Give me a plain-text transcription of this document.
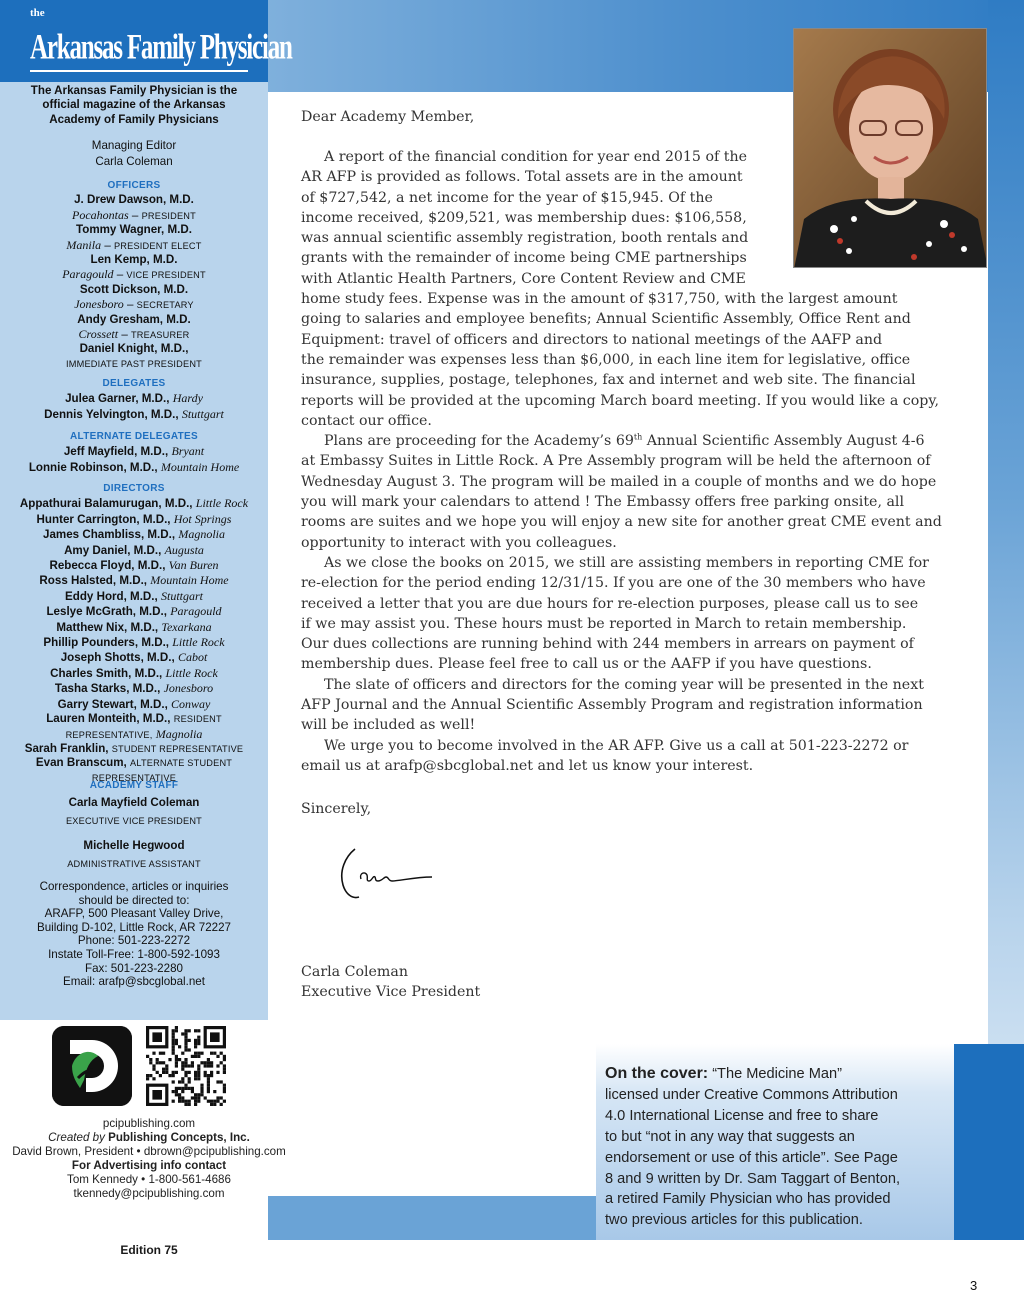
the
Arkansas Family Physician
The Arkansas Family Physician is the
official magazine of the Arkansas
Academy of Family Physicians
Managing Editor
Carla Coleman
OFFICERS
J. Drew Dawson, M.D.
Pocahontas – PRESIDENT
Tommy Wagner, M.D.
Manila – PRESIDENT ELECT
Len Kemp, M.D.
Paragould – VICE PRESIDENT
Scott Dickson, M.D.
Jonesboro – SECRETARY
Andy Gresham, M.D.
Crossett – TREASURER
Daniel Knight, M.D.,
IMMEDIATE PAST PRESIDENT
DELEGATES
Julea Garner, M.D., Hardy
Dennis Yelvington, M.D., Stuttgart
ALTERNATE DELEGATES
Jeff Mayfield, M.D., Bryant
Lonnie Robinson, M.D., Mountain Home
DIRECTORS
Appathurai Balamurugan, M.D., Little Rock
Hunter Carrington, M.D., Hot Springs
James Chambliss, M.D., Magnolia
Amy Daniel, M.D., Augusta
Rebecca Floyd, M.D., Van Buren
Ross Halsted, M.D., Mountain Home
Eddy Hord, M.D., Stuttgart
Leslye McGrath, M.D., Paragould
Matthew Nix, M.D., Texarkana
Phillip Pounders, M.D., Little Rock
Joseph Shotts, M.D., Cabot
Charles Smith, M.D., Little Rock
Tasha Starks, M.D., Jonesboro
Garry Stewart, M.D., Conway
Lauren Monteith, M.D., RESIDENT
REPRESENTATIVE, Magnolia
Sarah Franklin, STUDENT REPRESENTATIVE
Evan Branscum, ALTERNATE STUDENT
REPRESENTATIVE
ACADEMY STAFF
Carla Mayfield Coleman
EXECUTIVE VICE PRESIDENT
Michelle Hegwood
ADMINISTRATIVE ASSISTANT
Correspondence, articles or inquiries
should be directed to:
ARAFP, 500 Pleasant Valley Drive,
Building D-102, Little Rock, AR 72227
Phone: 501-223-2272
Instate Toll-Free: 1-800-592-1093
Fax: 501-223-2280
Email: arafp@sbcglobal.net
pcipublishing.com
Created by Publishing Concepts, Inc.
David Brown, President • dbrown@pcipublishing.com
For Advertising info contact
Tom Kennedy • 1-800-561-4686
tkennedy@pcipublishing.com
Edition 75
Dear Academy Member,
A report of the financial condition for year end 2015 of the
AR AFP is provided as follows. Total assets are in the amount
of $727,542, a net income for the year of $15,945. Of the
income received, $209,521, was membership dues: $106,558,
was annual scientific assembly registration, booth rentals and
grants with the remainder of income being CME partnerships
with Atlantic Health Partners, Core Content Review and CME
home study fees. Expense was in the amount of $317,750, with the largest amount
going to salaries and employee benefits; Annual Scientific Assembly, Office Rent and
Equipment: travel of officers and directors to national meetings of the AAFP and
the remainder was expenses less than $6,000, in each line item for legislative, office
insurance, supplies, postage, telephones, fax and internet and web site. The financial
reports will be provided at the upcoming March board meeting. If you would like a copy,
contact our office.
Plans are proceeding for the Academy’s 69th Annual Scientific Assembly August 4-6
at Embassy Suites in Little Rock. A Pre Assembly program will be held the afternoon of
Wednesday August 3. The program will be mailed in a couple of months and we do hope
you will mark your calendars to attend ! The Embassy offers free parking onsite, all
rooms are suites and we hope you will enjoy a new site for another great CME event and
opportunity to interact with you colleagues.
As we close the books on 2015, we still are assisting members in reporting CME for
re-election for the period ending 12/31/15. If you are one of the 30 members who have
received a letter that you are due hours for re-election purposes, please call us to see
if we may assist you. These hours must be reported in March to retain membership.
Our dues collections are running behind with 244 members in arrears on payment of
membership dues. Please feel free to call us or the AAFP if you have questions.
The slate of officers and directors for the coming year will be presented in the next
AFP Journal and the Annual Scientific Assembly Program and registration information
will be included as well!
We urge you to become involved in the AR AFP. Give us a call at 501-223-2272 or
email us at arafp@sbcglobal.net and let us know your interest.
Sincerely,
Carla Coleman
Executive Vice President
On the cover: “The Medicine Man”
licensed under Creative Commons Attribution
4.0 International License and free to share
to but “not in any way that suggests an
endorsement or use of this article”. See Page
8 and 9 written by Dr. Sam Taggart of Benton,
a retired Family Physician who has provided
two previous articles for this publication.
3
